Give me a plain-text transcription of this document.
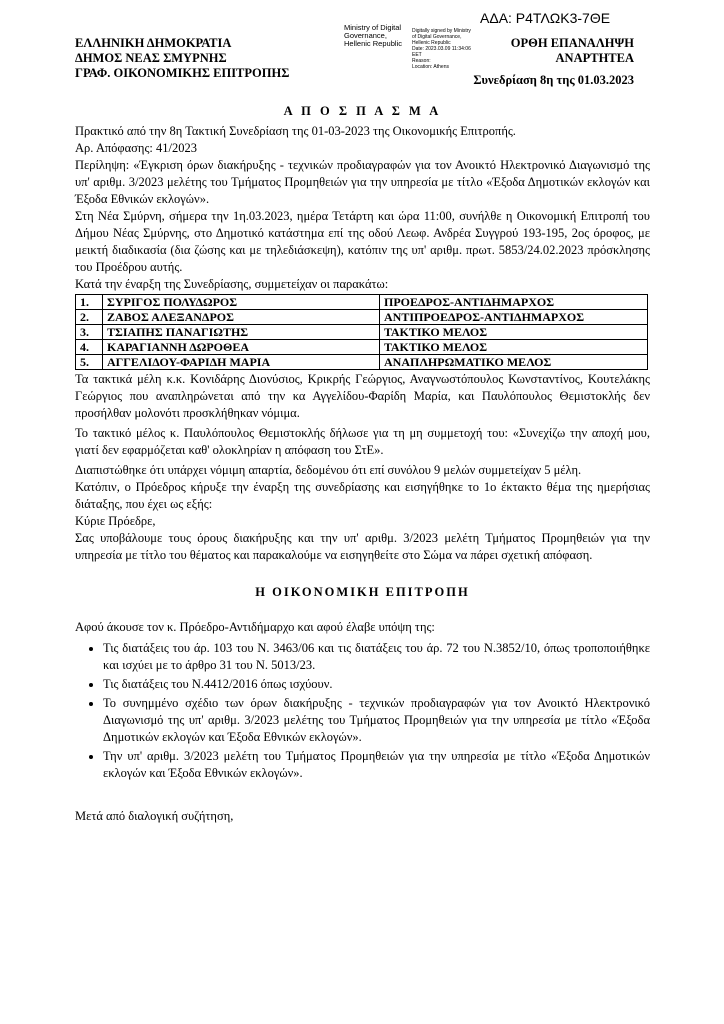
ΑΔΑ: Ρ4ΤΛΩΚ3-7ΘΕ
ΕΛΛΗΝΙΚΗ ΔΗΜΟΚΡΑΤΙΑ
ΔΗΜΟΣ ΝΕΑΣ ΣΜΥΡΝΗΣ
ΓΡΑΦ. ΟΙΚΟΝΟΜΙΚΗΣ ΕΠΙΤΡΟΠΗΣ
Ministry of Digital
Governance,
Hellenic Republic
Digitally signed by Ministry
of Digital Governance,
Hellenic Republic
Date: 2023.03.09 11:34:06
EET
Reason:
Location: Athens
ΟΡΘΗ ΕΠΑΝΑΛΗΨΗ
ΑΝΑΡΤΗΤΕΑ
Συνεδρίαση 8η της 01.03.2023
Α Π Ο Σ Π Α Σ Μ Α

Πρακτικό από την 8η Τακτική Συνεδρίαση της 01-03-2023 της Οικονομικής Επιτροπής.

Αρ. Απόφασης: 41/2023

Περίληψη: «Έγκριση όρων διακήρυξης - τεχνικών προδιαγραφών για τον Ανοικτό Ηλεκτρονικό Διαγωνισμό της υπ' αριθμ. 3/2023 μελέτης του Τμήματος Προμηθειών για την υπηρεσία με τίτλο «Έξοδα Δημοτικών εκλογών και Έξοδα Εθνικών εκλογών».

Στη Νέα Σμύρνη, σήμερα την 1η.03.2023, ημέρα Τετάρτη και ώρα 11:00, συνήλθε η Οικονομική Επιτροπή του Δήμου Νέας Σμύρνης, στο Δημοτικό κατάστημα επί της οδού Λεωφ. Ανδρέα Συγγρού 193-195, 2ος όροφος, με μεικτή διαδικασία (δια ζώσης και με τηλεδιάσκεψη), κατόπιν της υπ' αριθμ. πρωτ. 5853/24.02.2023 πρόσκλησης του Προέδρου αυτής.

Κατά την έναρξη της Συνεδρίασης, συμμετείχαν οι παρακάτω:

1.	ΣΥΡΙΓΟΣ ΠΟΛΥΔΩΡΟΣ	ΠΡΟΕΔΡΟΣ-ΑΝΤΙΔΗΜΑΡΧΟΣ
2.	ΖΑΒΟΣ ΑΛΕΞΑΝΔΡΟΣ	ΑΝΤΙΠΡΟΕΔΡΟΣ-ΑΝΤΙΔΗΜΑΡΧΟΣ
3.	ΤΣΙΑΠΗΣ ΠΑΝΑΓΙΩΤΗΣ	ΤΑΚΤΙΚΟ ΜΕΛΟΣ
4.	ΚΑΡΑΓΙΑΝΝΗ ΔΩΡΟΘΕΑ	ΤΑΚΤΙΚΟ ΜΕΛΟΣ
5.	ΑΓΓΕΛΙΔΟΥ-ΦΑΡΙΔΗ ΜΑΡΙΑ	ΑΝΑΠΛΗΡΩΜΑΤΙΚΟ ΜΕΛΟΣ

Τα τακτικά μέλη κ.κ. Κονιδάρης Διονύσιος, Κρικρής Γεώργιος, Αναγνωστόπουλος Κωνσταντίνος, Κουτελάκης Γεώργιος που αναπληρώνεται από την κα Αγγελίδου-Φαρίδη Μαρία, και Παυλόπουλος Θεμιστοκλής δεν προσήλθαν μολονότι προσκλήθηκαν νόμιμα.

Το τακτικό μέλος κ. Παυλόπουλος Θεμιστοκλής δήλωσε για τη μη συμμετοχή του: «Συνεχίζω την αποχή μου, γιατί δεν εφαρμόζεται καθ' ολοκληρίαν η απόφαση του ΣτΕ».

Διαπιστώθηκε ότι υπάρχει νόμιμη απαρτία, δεδομένου ότι επί συνόλου 9 μελών συμμετείχαν 5 μέλη.

Κατόπιν, ο Πρόεδρος κήρυξε την έναρξη της συνεδρίασης και εισηγήθηκε το 1ο έκτακτο θέμα της ημερήσιας διάταξης, που έχει ως εξής:

Κύριε Πρόεδρε,

Σας υποβάλουμε τους όρους διακήρυξης και την υπ' αριθμ. 3/2023 μελέτη Τμήματος Προμηθειών για την υπηρεσία με τίτλο του θέματος και παρακαλούμε να εισηγηθείτε στο Σώμα να πάρει σχετική απόφαση.

Η ΟΙΚΟΝΟΜΙΚΗ ΕΠΙΤΡΟΠΗ

Αφού άκουσε τον κ. Πρόεδρο-Αντιδήμαρχο και αφού έλαβε υπόψη της:

• Τις διατάξεις του άρ. 103 του Ν. 3463/06 και τις διατάξεις του άρ. 72 του Ν.3852/10, όπως τροποποιήθηκε και ισχύει με το άρθρο 31 του Ν. 5013/23.
• Τις διατάξεις του Ν.4412/2016 όπως ισχύουν.
• Το συνημμένο σχέδιο των όρων διακήρυξης - τεχνικών προδιαγραφών για τον Ανοικτό Ηλεκτρονικό Διαγωνισμό της υπ' αριθμ. 3/2023 μελέτης του Τμήματος Προμηθειών για την υπηρεσία με τίτλο «Έξοδα Δημοτικών εκλογών και Έξοδα Εθνικών εκλογών».
• Την υπ' αριθμ. 3/2023 μελέτη του Τμήματος Προμηθειών για την υπηρεσία με τίτλο «Έξοδα Δημοτικών εκλογών και Έξοδα Εθνικών εκλογών».

Μετά από διαλογική συζήτηση,
